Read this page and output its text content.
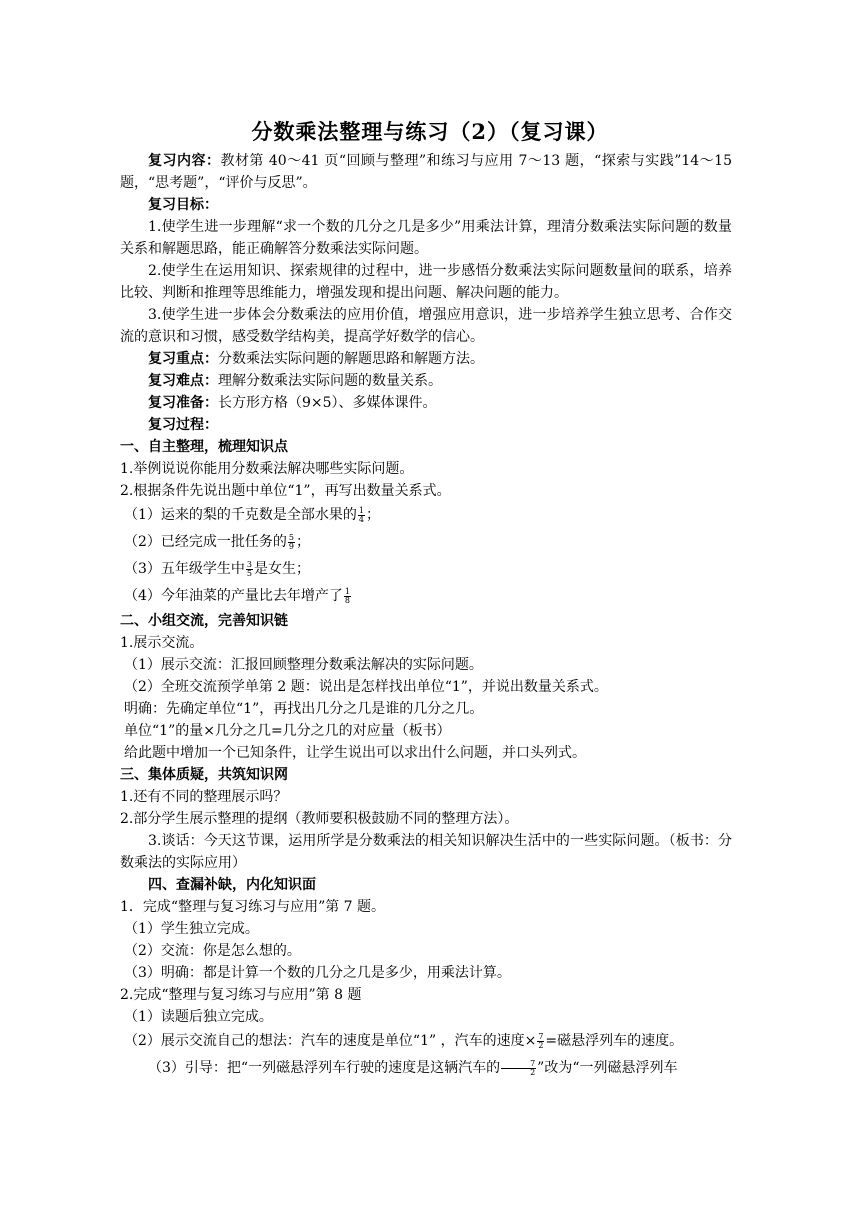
分数乘法整理与练习（2）（复习课）

复习内容：教材第 40～41 页“回顾与整理”和练习与应用 7～13 题，“探索与实践”14～15 题，“思考题”，“评价与反思”。

复习目标：

1.使学生进一步理解“求一个数的几分之几是多少”用乘法计算，理清分数乘法实际问题的数量关系和解题思路，能正确解答分数乘法实际问题。

2.使学生在运用知识、探索规律的过程中，进一步感悟分数乘法实际问题数量间的联系，培养比较、判断和推理等思维能力，增强发现和提出问题、解决问题的能力。

3.使学生进一步体会分数乘法的应用价值，增强应用意识，进一步培养学生独立思考、合作交流的意识和习惯，感受数学结构美，提高学好数学的信心。

复习重点：分数乘法实际问题的解题思路和解题方法。

复习难点：理解分数乘法实际问题的数量关系。

复习准备：长方形方格（9×5）、多媒体课件。

复习过程：

一、自主整理，梳理知识点

1.举例说说你能用分数乘法解决哪些实际问题。

2.根据条件先说出题中单位“1”，再写出数量关系式。

（1）运来的梨的千克数是全部水果的 $\frac{1}{4}$ ；

（2）已经完成一批任务的 $\frac{5}{9}$ ；

（3）五年级学生中 $\frac{3}{5}$ 是女生；

（4）今年油菜的产量比去年增产了 $\frac{1}{8}$

二、小组交流，完善知识链

1.展示交流。

（1）展示交流：汇报回顾整理分数乘法解决的实际问题。

（2）全班交流预学单第 2 题：说出是怎样找出单位“1”，并说出数量关系式。

明确：先确定单位“1”，再找出几分之几是谁的几分之几。

单位“1”的量×几分之几=几分之几的对应量（板书）

给此题中增加一个已知条件，让学生说出可以求出什么问题，并口头列式。

三、集体质疑，共筑知识网

1.还有不同的整理展示吗？

2.部分学生展示整理的提纲（教师要积极鼓励不同的整理方法）。

3.谈话：今天这节课，运用所学是分数乘法的相关知识解决生活中的一些实际问题。（板书：分数乘法的实际应用）

四、查漏补缺，内化知识面

1．完成“整理与复习练习与应用”第 7 题。

（1）学生独立完成。

（2）交流：你是怎么想的。

（3）明确：都是计算一个数的几分之几是多少，用乘法计算。

2.完成“整理与复习练习与应用”第 8 题

（1）读题后独立完成。

（2）展示交流自己的想法：汽车的速度是单位“1” ，汽车的速度× $\frac{7}{2}$ =磁悬浮列车的速度。

（3）引导：把“一列磁悬浮列车行驶的速度是这辆汽车的 $\frac{7}{2}$ ”改为“一列磁悬浮列车
